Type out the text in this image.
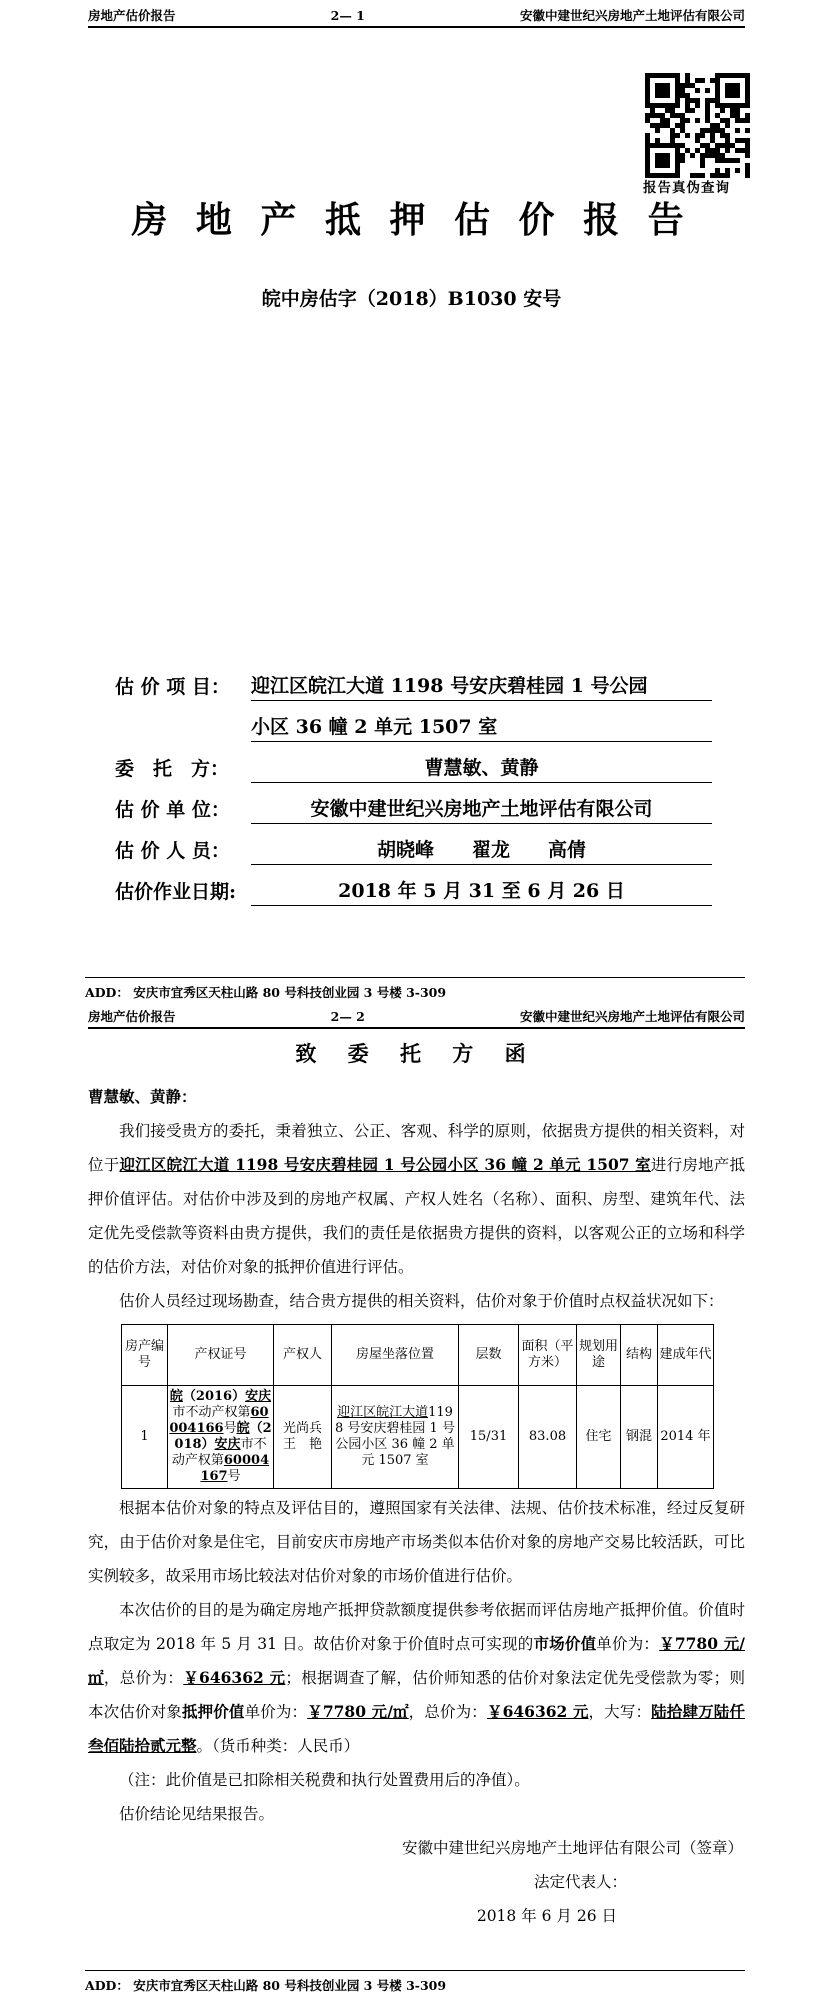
房地产估价报告	2— 1	安徽中建世纪兴房地产土地评估有限公司
报告真伪查询
房 地 产 抵 押 估 价 报 告
皖中房估字（2018）B1030 安号
估 价 项 目：	迎江区皖江大道 1198 号安庆碧桂园 1 号公园
小区 36 幢 2 单元 1507 室
委　托　方：	曹慧敏、黄静
估 价 单 位：	安徽中建世纪兴房地产土地评估有限公司
估 价 人 员：	胡晓峰　　翟龙　　高倩
估价作业日期:	2018 年 5 月 31 至 6 月 26 日
ADD： 安庆市宜秀区天柱山路 80 号科技创业园 3 号楼 3-309
房地产估价报告	2— 2	安徽中建世纪兴房地产土地评估有限公司
致 委 托 方 函
曹慧敏、黄静：

我们接受贵方的委托，秉着独立、公正、客观、科学的原则，依据贵方提供的相关资料，对位于迎江区皖江大道 1198 号安庆碧桂园 1 号公园小区 36 幢 2 单元 1507 室进行房地产抵押价值评估。对估价中涉及到的房地产权属、产权人姓名（名称）、面积、房型、建筑年代、法定优先受偿款等资料由贵方提供，我们的责任是依据贵方提供的资料，以客观公正的立场和科学的估价方法，对估价对象的抵押价值进行评估。

估价人员经过现场勘查，结合贵方提供的相关资料，估价对象于价值时点权益状况如下：

房产编号	产权证号	产权人	房屋坐落位置	层数	面积（平方米）	规划用途	结构	建成年代
1	皖（2016）安庆市不动产权第60004166号皖（2018）安庆市不动产权第60004167号	光尚兵 王　艳	迎江区皖江大道1198 号安庆碧桂园 1 号公园小区 36 幢 2 单元 1507 室	15/31	83.08	住宅	钢混	2014 年

根据本估价对象的特点及评估目的，遵照国家有关法律、法规、估价技术标准，经过反复研究，由于估价对象是住宅，目前安庆市房地产市场类似本估价对象的房地产交易比较活跃，可比实例较多，故采用市场比较法对估价对象的市场价值进行估价。

本次估价的目的是为确定房地产抵押贷款额度提供参考依据而评估房地产抵押价值。价值时点取定为 2018 年 5 月 31 日。故估价对象于价值时点可实现的市场价值单价为：￥7780 元/㎡，总价为：￥646362 元；根据调查了解，估价师知悉的估价对象法定优先受偿款为零；则本次估价对象抵押价值单价为：￥7780 元/㎡，总价为：￥646362 元，大写：陆拾肆万陆仟叁佰陆拾贰元整。（货币种类：人民币）

（注：此价值是已扣除相关税费和执行处置费用后的净值）。

估价结论见结果报告。

安徽中建世纪兴房地产土地评估有限公司（签章）

法定代表人：

2018 年 6 月 26 日

ADD： 安庆市宜秀区天柱山路 80 号科技创业园 3 号楼 3-309
